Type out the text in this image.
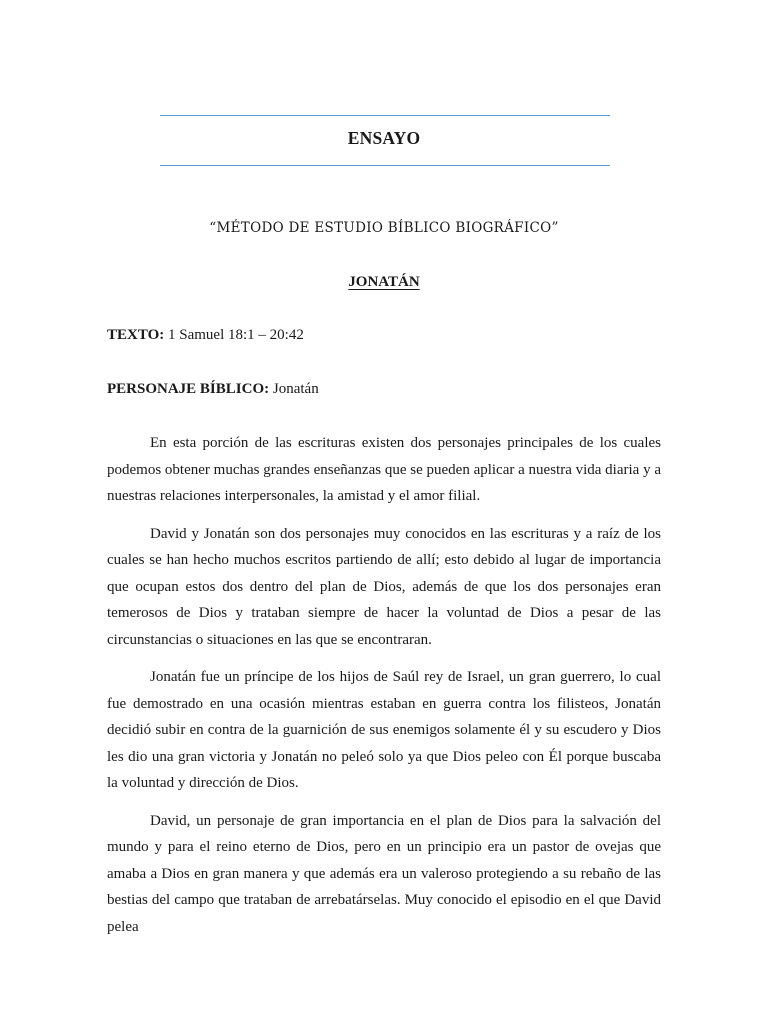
ENSAYO
“MÉTODO DE ESTUDIO BÍBLICO BIOGRÁFICO”
JONATÁN
TEXTO: 1 Samuel 18:1 – 20:42
PERSONAJE BÍBLICO: Jonatán

En esta porción de las escrituras existen dos personajes principales de los cuales podemos obtener muchas grandes enseñanzas que se pueden aplicar a nuestra vida diaria y a nuestras relaciones interpersonales, la amistad y el amor filial.

David y Jonatán son dos personajes muy conocidos en las escrituras y a raíz de los cuales se han hecho muchos escritos partiendo de allí; esto debido al lugar de importancia que ocupan estos dos dentro del plan de Dios, además de que los dos personajes eran temerosos de Dios y trataban siempre de hacer la voluntad de Dios a pesar de las circunstancias o situaciones en las que se encontraran.

Jonatán fue un príncipe de los hijos de Saúl rey de Israel, un gran guerrero, lo cual fue demostrado en una ocasión mientras estaban en guerra contra los filisteos, Jonatán decidió subir en contra de la guarnición de sus enemigos solamente él y su escudero y Dios les dio una gran victoria y Jonatán no peleó solo ya que Dios peleo con Él porque buscaba la voluntad y dirección de Dios.

David, un personaje de gran importancia en el plan de Dios para la salvación del mundo y para el reino eterno de Dios, pero en un principio era un pastor de ovejas que amaba a Dios en gran manera y que además era un valeroso protegiendo a su rebaño de las bestias del campo que trataban de arrebatárselas. Muy conocido el episodio en el que David pelea
